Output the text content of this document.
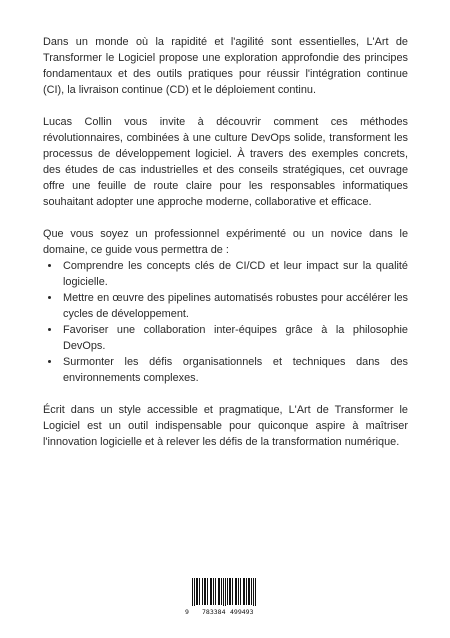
Dans un monde où la rapidité et l'agilité sont essentielles, L'Art de Transformer le Logiciel propose une exploration approfondie des principes fondamentaux et des outils pratiques pour réussir l'intégration continue (CI), la livraison continue (CD) et le déploiement continu.

Lucas Collin vous invite à découvrir comment ces méthodes révolutionnaires, combinées à une culture DevOps solide, transforment les processus de développement logiciel. À travers des exemples concrets, des études de cas industrielles et des conseils stratégiques, cet ouvrage offre une feuille de route claire pour les responsables informatiques souhaitant adopter une approche moderne, collaborative et efficace.

Que vous soyez un professionnel expérimenté ou un novice dans le domaine, ce guide vous permettra de :

• Comprendre les concepts clés de CI/CD et leur impact sur la qualité logicielle.
• Mettre en œuvre des pipelines automatisés robustes pour accélérer les cycles de développement.
• Favoriser une collaboration inter-équipes grâce à la philosophie DevOps.
• Surmonter les défis organisationnels et techniques dans des environnements complexes.

Écrit dans un style accessible et pragmatique, L'Art de Transformer le Logiciel est un outil indispensable pour quiconque aspire à maîtriser l'innovation logicielle et à relever les défis de la transformation numérique.

9 783384 499493
